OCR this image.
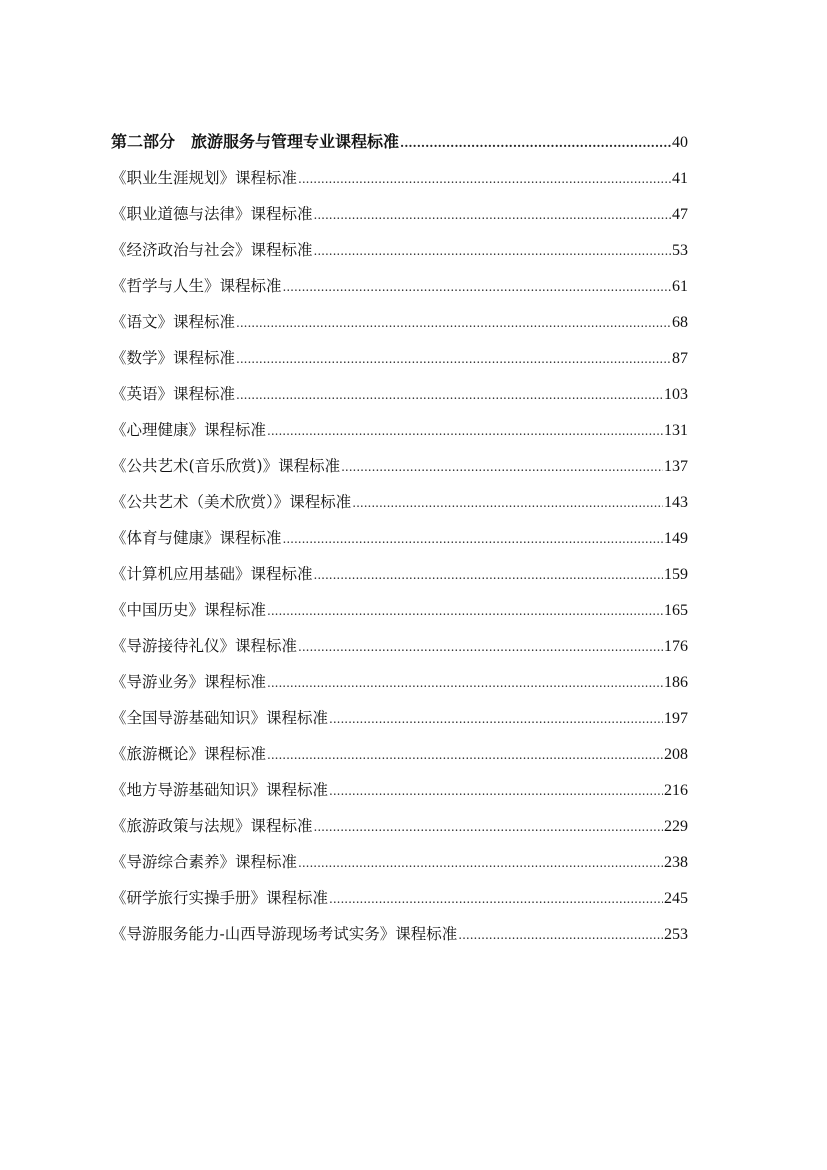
第二部分　旅游服务与管理专业课程标准 .....	40
《职业生涯规划》课程标准 .....	41
《职业道德与法律》课程标准 .....	47
《经济政治与社会》课程标准 .....	53
《哲学与人生》课程标准 .....	61
《语文》课程标准 .....	68
《数学》课程标准 .....	87
《英语》课程标准 .....	103
《心理健康》课程标准 .....	131
《公共艺术(音乐欣赏)》课程标准 .....	137
《公共艺术（美术欣赏）》课程标准 .....	143
《体育与健康》课程标准 .....	149
《计算机应用基础》课程标准 .....	159
《中国历史》课程标准 .....	165
《导游接待礼仪》课程标准 .....	176
《导游业务》课程标准 .....	186
《全国导游基础知识》课程标准 .....	197
《旅游概论》课程标准 .....	208
《地方导游基础知识》课程标准 .....	216
《旅游政策与法规》课程标准 .....	229
《导游综合素养》课程标准 .....	238
《研学旅行实操手册》课程标准 .....	245
《导游服务能力-山西导游现场考试实务》课程标准 .....	253
